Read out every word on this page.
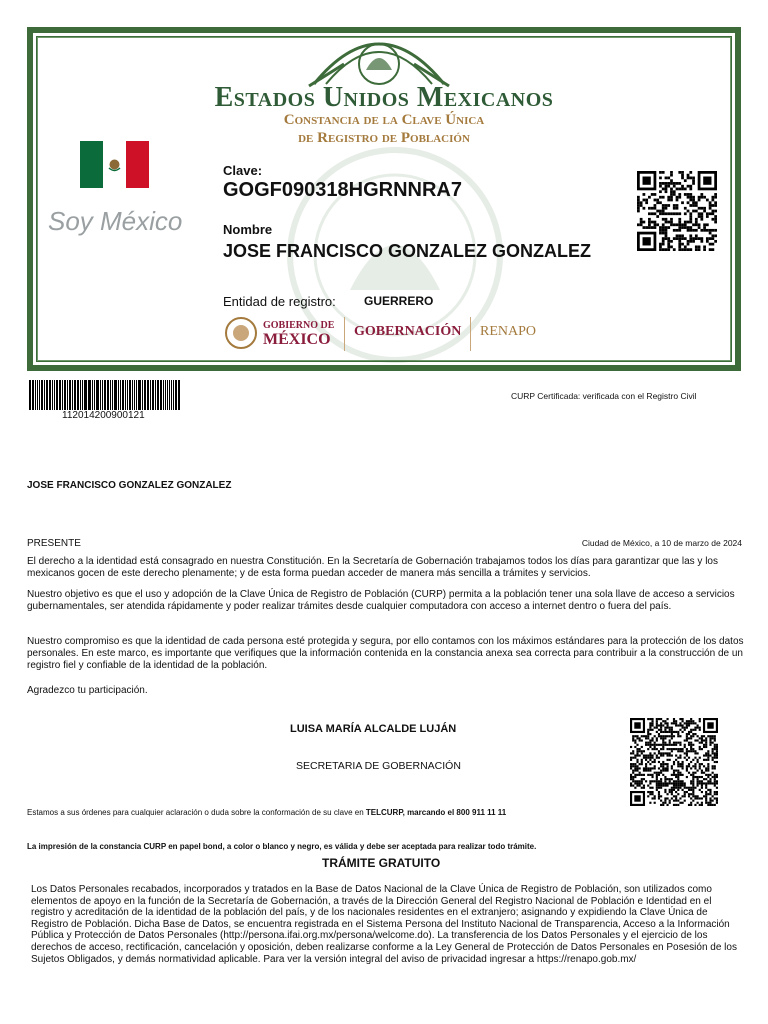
Estados Unidos Mexicanos
Constancia de la Clave Única
de Registro de Población
Soy México
Clave:
GOGF090318HGRNNRA7
Nombre
JOSE FRANCISCO GONZALEZ GONZALEZ
Entidad de registro: GUERRERO
GOBIERNO DE
MÉXICO GOBERNACIÓN RENAPO
112014200900121
CURP Certificada: verificada con el Registro Civil
JOSE FRANCISCO GONZALEZ GONZALEZ
PRESENTE	Ciudad de México, a 10 de marzo de 2024
El derecho a la identidad está consagrado en nuestra Constitución. En la Secretaría de Gobernación trabajamos todos los días para garantizar que las y los mexicanos gocen de este derecho plenamente; y de esta forma puedan acceder de manera más sencilla a trámites y servicios.
Nuestro objetivo es que el uso y adopción de la Clave Única de Registro de Población (CURP) permita a la población tener una sola llave de acceso a servicios gubernamentales, ser atendida rápidamente y poder realizar trámites desde cualquier computadora con acceso a internet dentro o fuera del país.
Nuestro compromiso es que la identidad de cada persona esté protegida y segura, por ello contamos con los máximos estándares para la protección de los datos personales. En este marco, es importante que verifiques que la información contenida en la constancia anexa sea correcta para contribuir a la construcción de un registro fiel y confiable de la identidad de la población.
Agradezco tu participación.
LUISA MARÍA ALCALDE LUJÁN
SECRETARIA DE GOBERNACIÓN
Estamos a sus órdenes para cualquier aclaración o duda sobre la conformación de su clave en TELCURP, marcando el 800 911 11 11
La impresión de la constancia CURP en papel bond, a color o blanco y negro, es válida y debe ser aceptada para realizar todo trámite.
TRÁMITE GRATUITO
Los Datos Personales recabados, incorporados y tratados en la Base de Datos Nacional de la Clave Única de Registro de Población, son utilizados como elementos de apoyo en la función de la Secretaría de Gobernación, a través de la Dirección General del Registro Nacional de Población e Identidad en el registro y acreditación de la identidad de la población del país, y de los nacionales residentes en el extranjero; asignando y expidiendo la Clave Única de Registro de Población. Dicha Base de Datos, se encuentra registrada en el Sistema Persona del Instituto Nacional de Transparencia, Acceso a la Información Pública y Protección de Datos Personales (http://persona.ifai.org.mx/persona/welcome.do). La transferencia de los Datos Personales y el ejercicio de los derechos de acceso, rectificación, cancelación y oposición, deben realizarse conforme a la Ley General de Protección de Datos Personales en Posesión de los Sujetos Obligados, y demás normatividad aplicable. Para ver la versión integral del aviso de privacidad ingresar a https://renapo.gob.mx/
